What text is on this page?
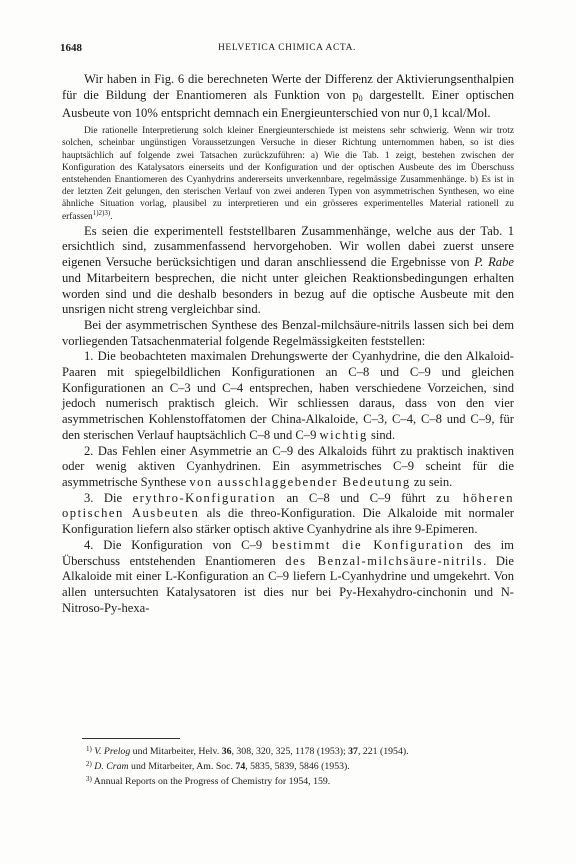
1648	HELVETICA CHIMICA ACTA.

Wir haben in Fig. 6 die berechneten Werte der Differenz der Aktivierungsenthalpien für die Bildung der Enantiomeren als Funktion von $p_0$ dargestellt. Einer optischen Ausbeute von 10% entspricht demnach ein Energieunterschied von nur 0,1 kcal/Mol.

Die rationelle Interpretierung solch kleiner Energieunterschiede ist meistens sehr schwierig. Wenn wir trotz solchen, scheinbar ungünstigen Voraussetzungen Versuche in dieser Richtung unternommen haben, so ist dies hauptsächlich auf folgende zwei Tatsachen zurückzuführen: a) Wie die Tab. 1 zeigt, bestehen zwischen der Konfiguration des Katalysators einerseits und der Konfiguration und der optischen Ausbeute des im Überschuss entstehenden Enantiomeren des Cyanhydrins andererseits unverkennbare, regelmässige Zusammenhänge. b) Es ist in der letzten Zeit gelungen, den sterischen Verlauf von zwei anderen Typen von asymmetrischen Synthesen, wo eine ähnliche Situation vorlag, plausibel zu interpretieren und ein grösseres experimentelles Material rationell zu erfassen$^{1)2)3)}$.

Es seien die experimentell feststellbaren Zusammenhänge, welche aus der Tab. 1 ersichtlich sind, zusammenfassend hervorgehoben. Wir wollen dabei zuerst unsere eigenen Versuche berücksichtigen und daran anschliessend die Ergebnisse von P. Rabe und Mitarbeitern besprechen, die nicht unter gleichen Reaktionsbedingungen erhalten worden sind und die deshalb besonders in bezug auf die optische Ausbeute mit den unsrigen nicht streng vergleichbar sind.

Bei der asymmetrischen Synthese des Benzal-milchsäure-nitrils lassen sich bei dem vorliegenden Tatsachenmaterial folgende Regelmässigkeiten feststellen:

1. Die beobachteten maximalen Drehungswerte der Cyanhydrine, die den Alkaloid-Paaren mit spiegelbildlichen Konfigurationen an C–8 und C–9 und gleichen Konfigurationen an C–3 und C–4 entsprechen, haben verschiedene Vorzeichen, sind jedoch numerisch praktisch gleich. Wir schliessen daraus, dass von den vier asymmetrischen Kohlenstoffatomen der China-Alkaloide, C–3, C–4, C–8 und C–9, für den sterischen Verlauf hauptsächlich C–8 und C–9 wichtig sind.

2. Das Fehlen einer Asymmetrie an C–9 des Alkaloids führt zu praktisch inaktiven oder wenig aktiven Cyanhydrinen. Ein asymmetrisches C–9 scheint für die asymmetrische Synthese von ausschlaggebender Bedeutung zu sein.

3. Die erythro-Konfiguration an C–8 und C–9 führt zu höheren optischen Ausbeuten als die threo-Konfiguration. Die Alkaloide mit normaler Konfiguration liefern also stärker optisch aktive Cyanhydrine als ihre 9-Epimeren.

4. Die Konfiguration von C–9 bestimmt die Konfiguration des im Überschuss entstehenden Enantiomeren des Benzal-milchsäure-nitrils. Die Alkaloide mit einer L-Konfiguration an C–9 liefern L-Cyanhydrine und umgekehrt. Von allen untersuchten Katalysatoren ist dies nur bei Py-Hexahydro-cinchonin und N-Nitroso-Py-hexa-

$^{1)}$ V. Prelog und Mitarbeiter, Helv. 36, 308, 320, 325, 1178 (1953); 37, 221 (1954).

$^{2)}$ D. Cram und Mitarbeiter, Am. Soc. 74, 5835, 5839, 5846 (1953).

$^{3)}$ Annual Reports on the Progress of Chemistry for 1954, 159.
